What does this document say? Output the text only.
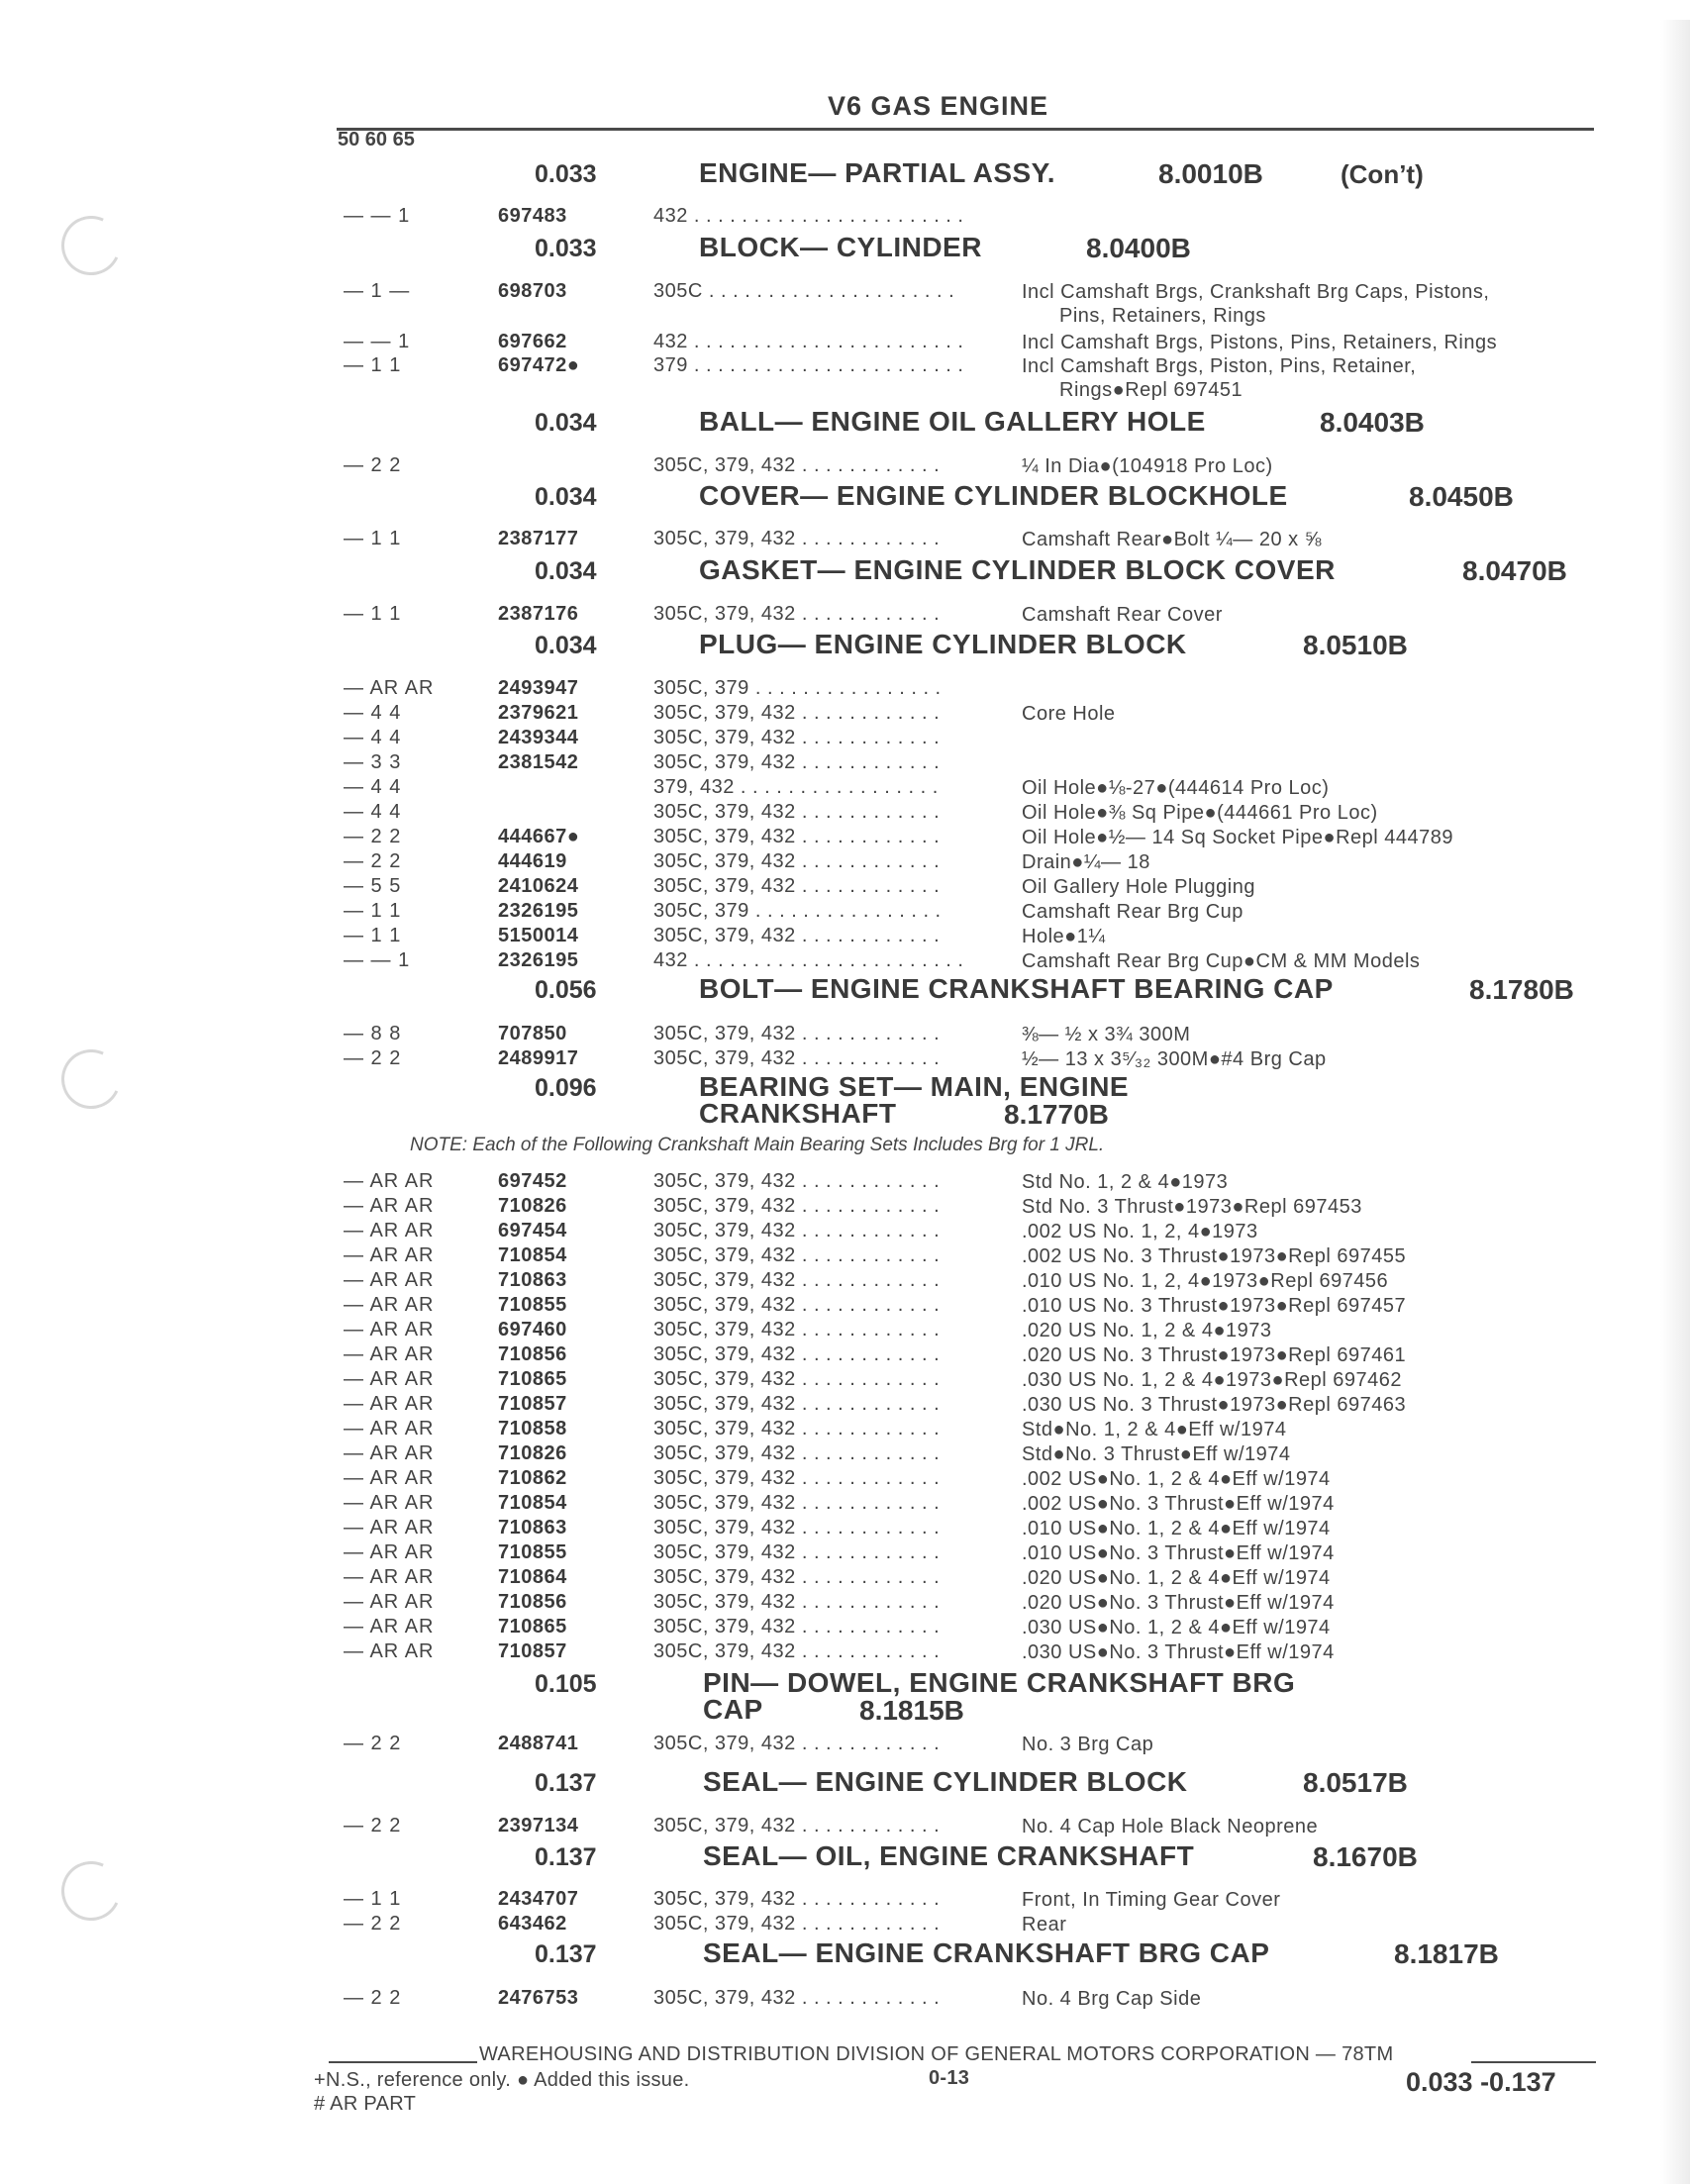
V6 GAS ENGINE
50 60 65
0.033	ENGINE— PARTIAL ASSY.	8.0010B	(Con’t)
— — 1	697483	432 . . . . . . . . . . . . . . . . . . . . . . .
0.033	BLOCK— CYLINDER	8.0400B
— 1 —	698703	305C . . . . . . . . . . . . . . . . . . . . .	Incl Camshaft Brgs, Crankshaft Brg Caps, Pistons,
Pins, Retainers, Rings
— — 1	697662	432 . . . . . . . . . . . . . . . . . . . . . . .	Incl Camshaft Brgs, Pistons, Pins, Retainers, Rings
— 1 1	697472●	379 . . . . . . . . . . . . . . . . . . . . . . .	Incl Camshaft Brgs, Piston, Pins, Retainer,
Rings●Repl 697451
0.034	BALL— ENGINE OIL GALLERY HOLE	8.0403B
— 2 2	305C, 379, 432 . . . . . . . . . . . .	¼ In Dia●(104918 Pro Loc)
0.034	COVER— ENGINE CYLINDER BLOCKHOLE	8.0450B
— 1 1	2387177	305C, 379, 432 . . . . . . . . . . . .	Camshaft Rear●Bolt ¼— 20 x ⅝
0.034	GASKET— ENGINE CYLINDER BLOCK COVER	8.0470B
— 1 1	2387176	305C, 379, 432 . . . . . . . . . . . .	Camshaft Rear Cover
0.034	PLUG— ENGINE CYLINDER BLOCK	8.0510B
— AR AR	2493947	305C, 379 . . . . . . . . . . . . . . . .
— 4 4	2379621	305C, 379, 432 . . . . . . . . . . . .	Core Hole
— 4 4	2439344	305C, 379, 432 . . . . . . . . . . . .
— 3 3	2381542	305C, 379, 432 . . . . . . . . . . . .
— 4 4	379, 432 . . . . . . . . . . . . . . . . .	Oil Hole●⅛-27●(444614 Pro Loc)
— 4 4	305C, 379, 432 . . . . . . . . . . . .	Oil Hole●⅜ Sq Pipe●(444661 Pro Loc)
— 2 2	444667●	305C, 379, 432 . . . . . . . . . . . .	Oil Hole●½— 14 Sq Socket Pipe●Repl 444789
— 2 2	444619	305C, 379, 432 . . . . . . . . . . . .	Drain●¼— 18
— 5 5	2410624	305C, 379, 432 . . . . . . . . . . . .	Oil Gallery Hole Plugging
— 1 1	2326195	305C, 379 . . . . . . . . . . . . . . . .	Camshaft Rear Brg Cup
— 1 1	5150014	305C, 379, 432 . . . . . . . . . . . .	Hole●1¼
— — 1	2326195	432 . . . . . . . . . . . . . . . . . . . . . . .	Camshaft Rear Brg Cup●CM & MM Models
0.056	BOLT— ENGINE CRANKSHAFT BEARING CAP	8.1780B
— 8 8	707850	305C, 379, 432 . . . . . . . . . . . .	⅜— ½ x 3¾ 300M
— 2 2	2489917	305C, 379, 432 . . . . . . . . . . . .	½— 13 x 3⁵⁄₃₂ 300M●#4 Brg Cap
0.096	BEARING SET— MAIN, ENGINE
CRANKSHAFT	8.1770B
NOTE: Each of the Following Crankshaft Main Bearing Sets Includes Brg for 1 JRL.
— AR AR	697452	305C, 379, 432 . . . . . . . . . . . .	Std No. 1, 2 & 4●1973
— AR AR	710826	305C, 379, 432 . . . . . . . . . . . .	Std No. 3 Thrust●1973●Repl 697453
— AR AR	697454	305C, 379, 432 . . . . . . . . . . . .	.002 US No. 1, 2, 4●1973
— AR AR	710854	305C, 379, 432 . . . . . . . . . . . .	.002 US No. 3 Thrust●1973●Repl 697455
— AR AR	710863	305C, 379, 432 . . . . . . . . . . . .	.010 US No. 1, 2, 4●1973●Repl 697456
— AR AR	710855	305C, 379, 432 . . . . . . . . . . . .	.010 US No. 3 Thrust●1973●Repl 697457
— AR AR	697460	305C, 379, 432 . . . . . . . . . . . .	.020 US No. 1, 2 & 4●1973
— AR AR	710856	305C, 379, 432 . . . . . . . . . . . .	.020 US No. 3 Thrust●1973●Repl 697461
— AR AR	710865	305C, 379, 432 . . . . . . . . . . . .	.030 US No. 1, 2 & 4●1973●Repl 697462
— AR AR	710857	305C, 379, 432 . . . . . . . . . . . .	.030 US No. 3 Thrust●1973●Repl 697463
— AR AR	710858	305C, 379, 432 . . . . . . . . . . . .	Std●No. 1, 2 & 4●Eff w/1974
— AR AR	710826	305C, 379, 432 . . . . . . . . . . . .	Std●No. 3 Thrust●Eff w/1974
— AR AR	710862	305C, 379, 432 . . . . . . . . . . . .	.002 US●No. 1, 2 & 4●Eff w/1974
— AR AR	710854	305C, 379, 432 . . . . . . . . . . . .	.002 US●No. 3 Thrust●Eff w/1974
— AR AR	710863	305C, 379, 432 . . . . . . . . . . . .	.010 US●No. 1, 2 & 4●Eff w/1974
— AR AR	710855	305C, 379, 432 . . . . . . . . . . . .	.010 US●No. 3 Thrust●Eff w/1974
— AR AR	710864	305C, 379, 432 . . . . . . . . . . . .	.020 US●No. 1, 2 & 4●Eff w/1974
— AR AR	710856	305C, 379, 432 . . . . . . . . . . . .	.020 US●No. 3 Thrust●Eff w/1974
— AR AR	710865	305C, 379, 432 . . . . . . . . . . . .	.030 US●No. 1, 2 & 4●Eff w/1974
— AR AR	710857	305C, 379, 432 . . . . . . . . . . . .	.030 US●No. 3 Thrust●Eff w/1974
0.105	PIN— DOWEL, ENGINE CRANKSHAFT BRG
CAP	8.1815B
— 2 2	2488741	305C, 379, 432 . . . . . . . . . . . .	No. 3 Brg Cap
0.137	SEAL— ENGINE CYLINDER BLOCK	8.0517B
— 2 2	2397134	305C, 379, 432 . . . . . . . . . . . .	No. 4 Cap Hole Black Neoprene
0.137	SEAL— OIL, ENGINE CRANKSHAFT	8.1670B
— 1 1	2434707	305C, 379, 432 . . . . . . . . . . . .	Front, In Timing Gear Cover
— 2 2	643462	305C, 379, 432 . . . . . . . . . . . .	Rear
0.137	SEAL— ENGINE CRANKSHAFT BRG CAP	8.1817B
— 2 2	2476753	305C, 379, 432 . . . . . . . . . . . .	No. 4 Brg Cap Side
WAREHOUSING AND DISTRIBUTION DIVISION OF GENERAL MOTORS CORPORATION — 78TM
+N.S., reference only. ● Added this issue.	0-13	0.033 -0.137
# AR PART
